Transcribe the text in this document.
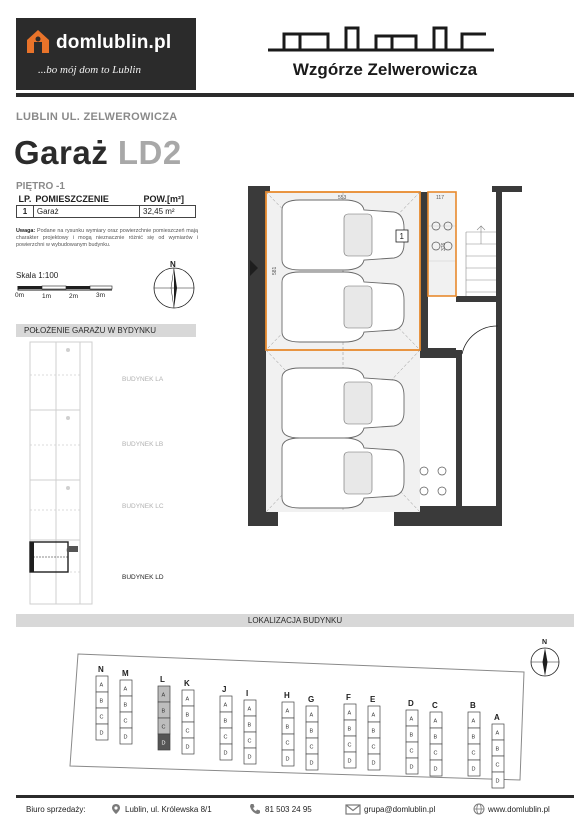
domlublin.pl
...bo mój dom to Lublin	Wzgórze Zelwerowicza
LUBLIN UL. ZELWEROWICZA
Garaż LD2
PIĘTRO -1
LP.	POMIESZCZENIE	POW.[m²]
1	Garaż	32,45 m²
Uwaga: Podane na rysunku wymiary oraz powierzchnie pomieszczeń mają charakter projektowy i mogą nieznacznie różnić się od wymiarów i powierzchni w wybudowanym budynku.
Skala 1:100
0m	1m	2m	3m
N
POŁOŻENIE GARAŻU W BYDYNKU
BUDYNEK LA
BUDYNEK LB
BUDYNEK LC
BUDYNEK LD
1
553	117
581
376
LOKALIZACJA BUDYNKU
N
A
B
C
D
M
A
B
C
D
L
A
B
C
D
K
A
B
C
D
J
A
B
C
D
I
A
B
C
D
H
A
B
C
D
G
A
B
C
D
F
A
B
C
D
E
A
B
C
D
D
A
B
C
D
C
A
B
C
D
B
A
B
C
D
A
A
B
C
D
N
Biuro sprzedaży:	Lublin, ul. Królewska 8/1	81 503 24 95	grupa@domlublin.pl	www.domlublin.pl
